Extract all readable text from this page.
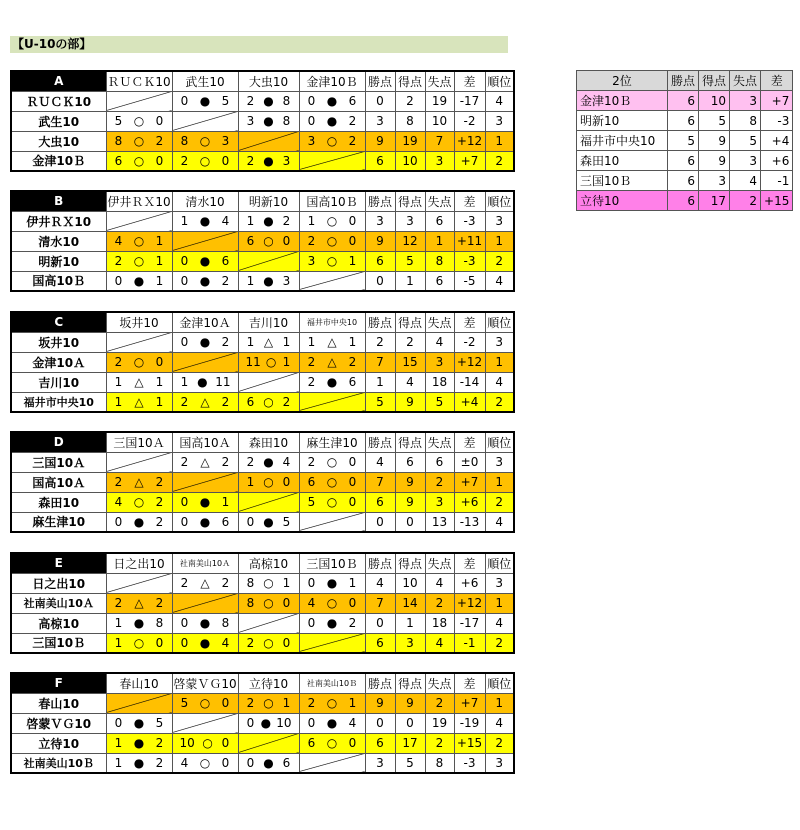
【U-10の部】
A	ＲＵＣＫ10	武生10	大虫10	金津10Ｂ	勝点	得点	失点	差	順位
ＲＵＣＫ10		0 ● 5	2 ● 8	0 ● 6	0	2	19	-17	4
武生10	5 ○ 0		3 ● 8	0 ● 2	3	8	10	-2	3
大虫10	8 ○ 2	8 ○ 3		3 ○ 2	9	19	7	+12	1
金津10Ｂ	6 ○ 0	2 ○ 0	2 ● 3		6	10	3	+7	2
B	伊井ＲＸ10	清水10	明新10	国高10Ｂ	勝点	得点	失点	差	順位
伊井ＲＸ10		1 ● 4	1 ● 2	1 ○ 0	3	3	6	-3	3
清水10	4 ○ 1		6 ○ 0	2 ○ 0	9	12	1	+11	1
明新10	2 ○ 1	0 ● 6		3 ○ 1	6	5	8	-3	2
国高10Ｂ	0 ● 1	0 ● 2	1 ● 3		0	1	6	-5	4
C	坂井10	金津10Ａ	吉川10	福井市中央10	勝点	得点	失点	差	順位
坂井10		0 ● 2	1 △ 1	1 △ 1	2	2	4	-2	3
金津10Ａ	2 ○ 0		11 ○ 1	2 △ 2	7	15	3	+12	1
吉川10	1 △ 1	1 ● 11		2 ● 6	1	4	18	-14	4
福井市中央10	1 △ 1	2 △ 2	6 ○ 2		5	9	5	+4	2
D	三国10Ａ	国高10Ａ	森田10	麻生津10	勝点	得点	失点	差	順位
三国10Ａ		2 △ 2	2 ● 4	2 ○ 0	4	6	6	±0	3
国高10Ａ	2 △ 2		1 ○ 0	6 ○ 0	7	9	2	+7	1
森田10	4 ○ 2	0 ● 1		5 ○ 0	6	9	3	+6	2
麻生津10	0 ● 2	0 ● 6	0 ● 5		0	0	13	-13	4
E	日之出10	社南美山10Ａ	高椋10	三国10Ｂ	勝点	得点	失点	差	順位
日之出10		2 △ 2	8 ○ 1	0 ● 1	4	10	4	+6	3
社南美山10Ａ	2 △ 2		8 ○ 0	4 ○ 0	7	14	2	+12	1
高椋10	1 ● 8	0 ● 8		0 ● 2	0	1	18	-17	4
三国10Ｂ	1 ○ 0	0 ● 4	2 ○ 0		6	3	4	-1	2
F	春山10	啓蒙ＶＧ10	立待10	社南美山10Ｂ	勝点	得点	失点	差	順位
春山10		5 ○ 0	2 ○ 1	2 ○ 1	9	9	2	+7	1
啓蒙ＶＧ10	0 ● 5		0 ● 10	0 ● 4	0	0	19	-19	4
立待10	1 ● 2	10 ○ 0		6 ○ 0	6	17	2	+15	2
社南美山10Ｂ	1 ● 2	4 ○ 0	0 ● 6		3	5	8	-3	3
2位	勝点	得点	失点	差
金津10Ｂ	6	10	3	+7
明新10	6	5	8	-3
福井市中央10	5	9	5	+4
森田10	6	9	3	+6
三国10Ｂ	6	3	4	-1
立待10	6	17	2	+15
